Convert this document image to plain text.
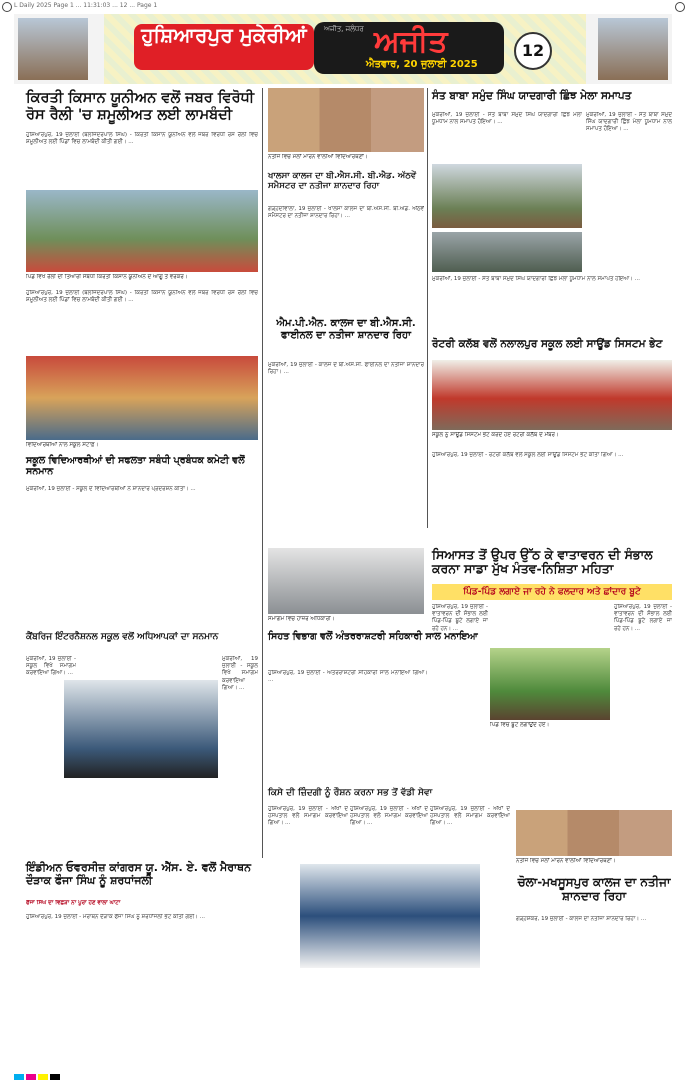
L Daily 2025 Page 1 ... 11:31:03 ... 12 ... Page 1
ਹੁਸ਼ਿਆਰਪੁਰ ਮੁਕੇਰੀਆਂ	ਅਜੀਤ, ਜਲੰਧਰ ਅਜੀਤ
ਐਤਵਾਰ, 20 ਜੁਲਾਈ 2025
12
ਕਿਰਤੀ ਕਿਸਾਨ ਯੂਨੀਅਨ ਵਲੋਂ ਜਬਰ ਵਿਰੋਧੀ ਰੋਸ ਰੈਲੀ 'ਚ ਸ਼ਮੂਲੀਅਤ ਲਈ ਲਾਮਬੰਦੀ
ਹੁਸ਼ਿਆਰਪੁਰ, 19 ਜੁਲਾਈ (ਬਲਜਿੰਦਰਪਾਲ ਸਿੰਘ) - ਕਿਰਤੀ ਕਿਸਾਨ ਯੂਨੀਅਨ ਵਲੋਂ ਜਬਰ ਵਿਰੋਧੀ ਰੋਸ ਰੈਲੀ ਵਿਚ ਸ਼ਮੂਲੀਅਤ ਲਈ ਪਿੰਡਾਂ ਵਿਚ ਲਾਮਬੰਦੀ ਕੀਤੀ ਗਈ। ...
ਪਿੰਡ ਵਿਖੇ ਰੈਲੀ ਦੀ ਤਿਆਰੀ ਸੰਬੰਧੀ ਕਿਰਤੀ ਕਿਸਾਨ ਯੂਨੀਅਨ ਦੇ ਆਗੂ ਤੇ ਵਰਕਰ।
ਹੁਸ਼ਿਆਰਪੁਰ, 19 ਜੁਲਾਈ (ਬਲਜਿੰਦਰਪਾਲ ਸਿੰਘ) - ਕਿਰਤੀ ਕਿਸਾਨ ਯੂਨੀਅਨ ਵਲੋਂ ਜਬਰ ਵਿਰੋਧੀ ਰੋਸ ਰੈਲੀ ਵਿਚ ਸ਼ਮੂਲੀਅਤ ਲਈ ਪਿੰਡਾਂ ਵਿਚ ਲਾਮਬੰਦੀ ਕੀਤੀ ਗਈ। ...
ਵਿਦਿਆਰਥੀਆਂ ਨਾਲ ਸਕੂਲ ਸਟਾਫ਼।
ਸਕੂਲ ਵਿਦਿਆਰਥੀਆਂ ਦੀ ਸਫਲਤਾ ਸਬੰਧੀ ਪ੍ਰਬੰਧਕ ਕਮੇਟੀ ਵਲੋਂ ਸਨਮਾਨ
ਮੁਕੇਰੀਆਂ, 19 ਜੁਲਾਈ - ਸਕੂਲ ਦੇ ਵਿਦਿਆਰਥੀਆਂ ਨੇ ਸ਼ਾਨਦਾਰ ਪ੍ਰਦਰਸ਼ਨ ਕੀਤਾ। ...
ਕੈਂਬਰਿਜ ਇੰਟਰਨੈਸ਼ਨਲ ਸਕੂਲ ਵਲੋਂ ਅਧਿਆਪਕਾਂ ਦਾ ਸਨਮਾਨ
ਮੁਕੇਰੀਆਂ, 19 ਜੁਲਾਈ - ਸਕੂਲ ਵਿਖੇ ਸਮਾਗਮ ਕਰਵਾਇਆ ਗਿਆ। ...
ਮੁਕੇਰੀਆਂ, 19 ਜੁਲਾਈ - ਸਕੂਲ ਵਿਖੇ ਸਮਾਗਮ ਕਰਵਾਇਆ ਗਿਆ। ...
ਨਤੀਜੇ ਵਿਚ ਮੱਲਾਂ ਮਾਰਨ ਵਾਲੀਆਂ ਵਿਦਿਆਰਥਣਾਂ।
ਖਾਲਸਾ ਕਾਲਜ ਦਾ ਬੀ.ਐਸ.ਸੀ. ਬੀ.ਐਡ. ਅੱਠਵੇਂ ਸਮੈਸਟਰ ਦਾ ਨਤੀਜਾ ਸ਼ਾਨਦਾਰ ਰਿਹਾ
ਗੜ੍ਹਦੀਵਾਲਾ, 19 ਜੁਲਾਈ - ਖਾਲਸਾ ਕਾਲਜ ਦਾ ਬੀ.ਐਸ.ਸੀ. ਬੀ.ਐਡ. ਅੱਠਵੇਂ ਸਮੈਸਟਰ ਦਾ ਨਤੀਜਾ ਸ਼ਾਨਦਾਰ ਰਿਹਾ। ...
ਐਮ.ਪੀ.ਐਨ. ਕਾਲਜ ਦਾ ਬੀ.ਐਸ.ਸੀ. ਫਾਈਨਲ ਦਾ ਨਤੀਜਾ ਸ਼ਾਨਦਾਰ ਰਿਹਾ
ਮੁਕੇਰੀਆਂ, 19 ਜੁਲਾਈ - ਕਾਲਜ ਦੇ ਬੀ.ਐਸ.ਸੀ. ਫਾਈਨਲ ਦਾ ਨਤੀਜਾ ਸ਼ਾਨਦਾਰ ਰਿਹਾ। ...
ਸਮਾਗਮ ਵਿਚ ਹਾਜ਼ਰ ਅਧਿਕਾਰੀ।
ਸਿਹਤ ਵਿਭਾਗ ਵਲੋਂ ਅੰਤਰਰਾਸ਼ਟਰੀ ਸਹਿਕਾਰੀ ਸਾਲ ਮਨਾਇਆ
ਹੁਸ਼ਿਆਰਪੁਰ, 19 ਜੁਲਾਈ - ਅੰਤਰਰਾਸ਼ਟਰੀ ਸਹਿਕਾਰੀ ਸਾਲ ਮਨਾਇਆ ਗਿਆ। ...
ਸੰਤ ਬਾਬਾ ਸਮੁੰਦ ਸਿੰਘ ਯਾਦਗਾਰੀ ਛਿੰਝ ਮੇਲਾ ਸਮਾਪਤ
ਮੁਕੇਰੀਆਂ, 19 ਜੁਲਾਈ - ਸੰਤ ਬਾਬਾ ਸਮੁੰਦ ਸਿੰਘ ਯਾਦਗਾਰੀ ਛਿੰਝ ਮੇਲਾ ਧੂਮਧਾਮ ਨਾਲ ਸਮਾਪਤ ਹੋਇਆ। ...
ਮੁਕੇਰੀਆਂ, 19 ਜੁਲਾਈ - ਸੰਤ ਬਾਬਾ ਸਮੁੰਦ ਸਿੰਘ ਯਾਦਗਾਰੀ ਛਿੰਝ ਮੇਲਾ ਧੂਮਧਾਮ ਨਾਲ ਸਮਾਪਤ ਹੋਇਆ। ...
ਮੁਕੇਰੀਆਂ, 19 ਜੁਲਾਈ - ਸੰਤ ਬਾਬਾ ਸਮੁੰਦ ਸਿੰਘ ਯਾਦਗਾਰੀ ਛਿੰਝ ਮੇਲਾ ਧੂਮਧਾਮ ਨਾਲ ਸਮਾਪਤ ਹੋਇਆ। ...
ਰੋਟਰੀ ਕਲੱਬ ਵਲੋਂ ਨਲਾਲਪੁਰ ਸਕੂਲ ਲਈ ਸਾਊਂਡ ਸਿਸਟਮ ਭੇਟ
ਸਕੂਲ ਨੂੰ ਸਾਊਂਡ ਸਿਸਟਮ ਭੇਟ ਕਰਦੇ ਹੋਏ ਰੋਟਰੀ ਕਲੱਬ ਦੇ ਮੈਂਬਰ।
ਹੁਸ਼ਿਆਰਪੁਰ, 19 ਜੁਲਾਈ - ਰੋਟਰੀ ਕਲੱਬ ਵਲੋਂ ਸਕੂਲ ਲਈ ਸਾਊਂਡ ਸਿਸਟਮ ਭੇਟ ਕੀਤਾ ਗਿਆ। ...
ਸਿਆਸਤ ਤੋਂ ਉਪਰ ਉੱਠ ਕੇ ਵਾਤਾਵਰਨ ਦੀ ਸੰਭਾਲ ਕਰਨਾ ਸਾਡਾ ਮੁੱਖ ਮੰਤਵ-ਨਿਸ਼ਿਤਾ ਮਹਿਤਾ
ਪਿੰਡ-ਪਿੰਡ ਲਗਾਏ ਜਾ ਰਹੇ ਨੇ ਫਲਦਾਰ ਅਤੇ ਛਾਂਦਾਰ ਬੂਟੇ
ਹੁਸ਼ਿਆਰਪੁਰ, 19 ਜੁਲਾਈ - ਵਾਤਾਵਰਨ ਦੀ ਸੰਭਾਲ ਲਈ ਪਿੰਡ-ਪਿੰਡ ਬੂਟੇ ਲਗਾਏ ਜਾ ਰਹੇ ਹਨ। ...
ਪਿੰਡ ਵਿਚ ਬੂਟੇ ਲਗਾਉਂਦੇ ਹੋਏ।
ਹੁਸ਼ਿਆਰਪੁਰ, 19 ਜੁਲਾਈ - ਵਾਤਾਵਰਨ ਦੀ ਸੰਭਾਲ ਲਈ ਪਿੰਡ-ਪਿੰਡ ਬੂਟੇ ਲਗਾਏ ਜਾ ਰਹੇ ਹਨ। ...
ਕਿਸੇ ਦੀ ਜ਼ਿੰਦਗੀ ਨੂੰ ਰੌਸ਼ਨ ਕਰਨਾ ਸਭ ਤੋਂ ਵੱਡੀ ਸੇਵਾ
ਹੁਸ਼ਿਆਰਪੁਰ, 19 ਜੁਲਾਈ - ਅੱਖਾਂ ਦੇ ਹਸਪਤਾਲ ਵਲੋਂ ਸਮਾਗਮ ਕਰਵਾਇਆ ਗਿਆ। ...
ਹੁਸ਼ਿਆਰਪੁਰ, 19 ਜੁਲਾਈ - ਅੱਖਾਂ ਦੇ ਹਸਪਤਾਲ ਵਲੋਂ ਸਮਾਗਮ ਕਰਵਾਇਆ ਗਿਆ। ...
ਹੁਸ਼ਿਆਰਪੁਰ, 19 ਜੁਲਾਈ - ਅੱਖਾਂ ਦੇ ਹਸਪਤਾਲ ਵਲੋਂ ਸਮਾਗਮ ਕਰਵਾਇਆ ਗਿਆ। ...
ਨਤੀਜੇ ਵਿਚ ਮੱਲਾਂ ਮਾਰਨ ਵਾਲੀਆਂ ਵਿਦਿਆਰਥਣਾਂ।
ਚੋਲਾ-ਮਖਸੂਸਪੁਰ ਕਾਲਜ ਦਾ ਨਤੀਜਾ ਸ਼ਾਨਦਾਰ ਰਿਹਾ
ਗੜ੍ਹਸ਼ੰਕਰ, 19 ਜੁਲਾਈ - ਕਾਲਜ ਦਾ ਨਤੀਜਾ ਸ਼ਾਨਦਾਰ ਰਿਹਾ। ...
ਇੰਡੀਅਨ ਓਵਰਸੀਜ਼ ਕਾਂਗਰਸ ਯੂ. ਐੱਸ. ਏ. ਵਲੋਂ ਮੈਰਾਥਨ ਦੌੜਾਕ ਫੌਜਾ ਸਿੰਘ ਨੂੰ ਸ਼ਰਧਾਂਜਲੀ
ਫੌਜਾ ਸਿੰਘ ਦਾ ਵਿਛੋੜਾ ਨਾ ਪੂਰਾ ਹੋਣ ਵਾਲਾ ਘਾਟਾ
ਹੁਸ਼ਿਆਰਪੁਰ, 19 ਜੁਲਾਈ - ਮੈਰਾਥਨ ਦੌੜਾਕ ਫੌਜਾ ਸਿੰਘ ਨੂੰ ਸ਼ਰਧਾਂਜਲੀ ਭੇਟ ਕੀਤੀ ਗਈ। ...
